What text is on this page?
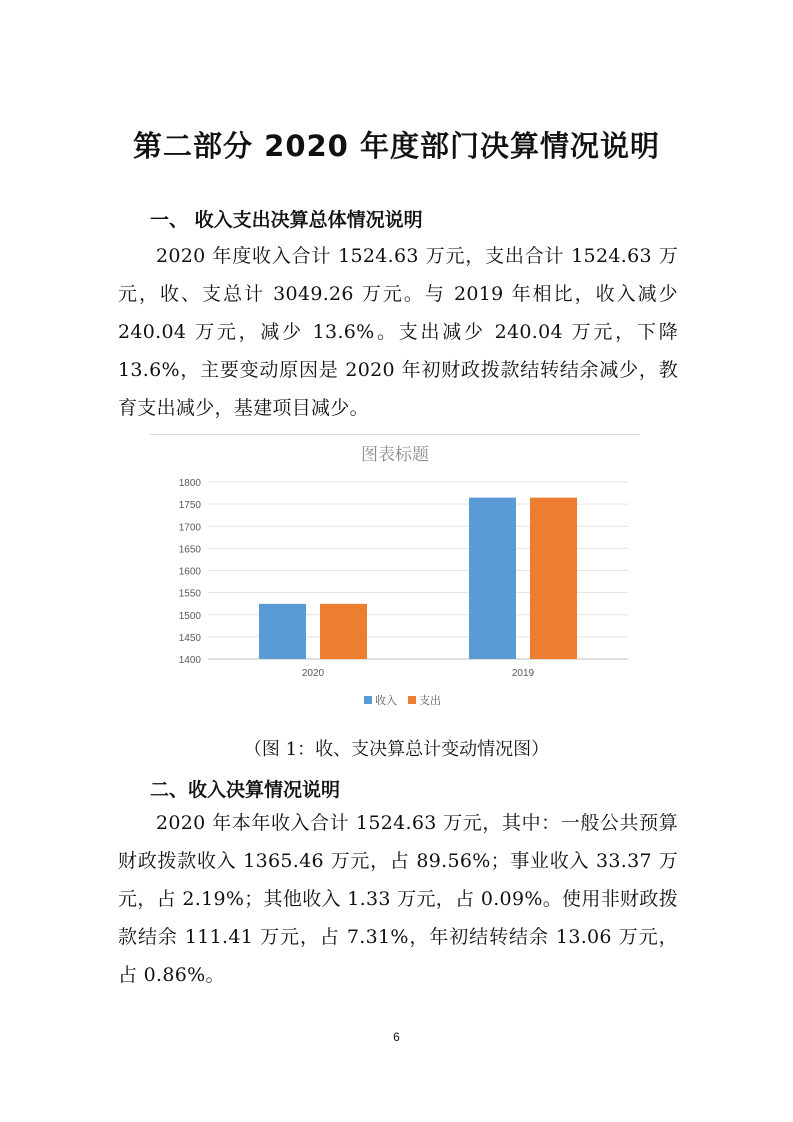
第二部分 2020 年度部门决算情况说明
一、 收入支出决算总体情况说明

2020 年度收入合计 1524.63 万元，支出合计 1524.63 万元，收、支总计 3049.26 万元。与 2019 年相比，收入减少 240.04 万元，减少 13.6%。支出减少 240.04 万元，下降 13.6%，主要变动原因是 2020 年初财政拨款结转结余减少，教育支出减少，基建项目减少。

图表标题
1400
1450
1500
1550
1600
1650
1700
1750
1800
2020	2019
收入 支出

（图 1：收、支决算总计变动情况图）

二、收入决算情况说明

2020 年本年收入合计 1524.63 万元，其中：一般公共预算财政拨款收入 1365.46 万元，占 89.56%；事业收入 33.37 万元，占 2.19%；其他收入 1.33 万元，占 0.09%。使用非财政拨款结余 111.41 万元，占 7.31%，年初结转结余 13.06 万元，占 0.86%。

6
